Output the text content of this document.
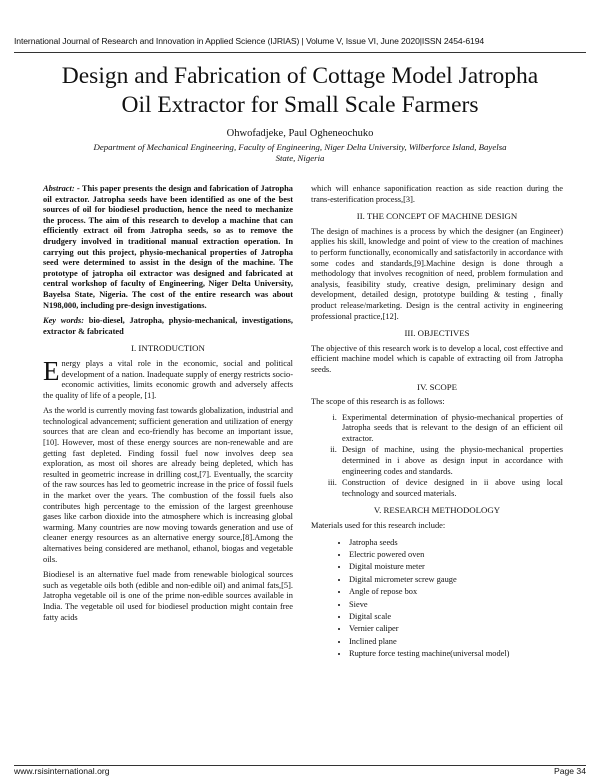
International Journal of Research and Innovation in Applied Science (IJRIAS) | Volume V, Issue VI, June 2020|ISSN 2454-6194
Design and Fabrication of Cottage Model Jatropha
Oil Extractor for Small Scale Farmers
Ohwofadjeke, Paul Ogheneochuko
Department of Mechanical Engineering, Faculty of Engineering, Niger Delta University, Wilberforce Island, Bayelsa State, Nigeria

Abstract: - This paper presents the design and fabrication of Jatropha oil extractor. Jatropha seeds have been identified as one of the best sources of oil for biodiesel production, hence the need to mechanize the process. The aim of this research to develop a machine that can efficiently extract oil from Jatropha seeds, so as to remove the drudgery involved in traditional manual extraction operation. In carrying out this project, physio-mechanical properties of Jatropha seed were determined to assist in the design of the machine. The prototype of jatropha oil extractor was designed and fabricated at central workshop of faculty of Engineering, Niger Delta University, Bayelsa State, Nigeria. The cost of the entire research was about N198,000, including pre-design investigations.

Key words: bio-diesel, Jatropha, physio-mechanical, investigations, extractor & fabricated

I. INTRODUCTION

Energy plays a vital role in the economic, social and political development of a nation. Inadequate supply of energy restricts socio-economic activities, limits economic growth and adversely affects the quality of life of a people, [1].

As the world is currently moving fast towards globalization, industrial and technological advancement; sufficient generation and utilization of energy sources that are clean and eco-friendly has become an important issue,[10]. However, most of these energy sources are non-renewable and are getting fast depleted. Finding fossil fuel now involves deep sea exploration, as most oil shores are already being depleted, which has resulted in geometric increase in drilling cost,[7]. Eventually, the scarcity of the raw sources has led to geometric increase in the price of fossil fuels in the market over the years. The combustion of the fossil fuels also contributes high percentage to the emission of the largest greenhouse gases like carbon dioxide into the atmosphere which is increasing global warming. Many countries are now moving towards generation and use of cleaner energy resources as an alternative energy source,[8].Among the alternatives being considered are methanol, ethanol, biogas and vegetable oils.

Biodiesel is an alternative fuel made from renewable biological sources such as vegetable oils both (edible and non-edible oil) and animal fats,[5]. Jatropha vegetable oil is one of the prime non-edible sources available in India. The vegetable oil used for biodiesel production might contain free fatty acids

which will enhance saponification reaction as side reaction during the trans-esterification process,[3].

II. THE CONCEPT OF MACHINE DESIGN

The design of machines is a process by which the designer (an Engineer) applies his skill, knowledge and point of view to the creation of machines to perform functionally, economically and satisfactorily in accordance with some codes and standards,[9].Machine design is done through a methodology that involves recognition of need, problem formulation and analysis, feasibility study, creative design, preliminary design and development, detailed design, prototype building & testing , finally product release/marketing. Design is the central activity in engineering professional practice,[12].

III. OBJECTIVES

The objective of this research work is to develop a local, cost effective and efficient machine model which is capable of extracting oil from Jatropha seeds.

IV. SCOPE

The scope of this research is as follows:

i. Experimental determination of physio-mechanical properties of Jatropha seeds that is relevant to the design of an efficient oil extractor.
ii. Design of machine, using the physio-mechanical properties determined in i above as design input in accordance with engineering codes and standards.
iii. Construction of device designed in ii above using local technology and sourced materials.
V. RESEARCH METHODOLOGY

Materials used for this research include:

• Jatropha seeds
• Electric powered oven
• Digital moisture meter
• Digital micrometer screw gauge
• Angle of repose box
• Sieve
• Digital scale
• Vernier caliper
• Inclined plane
• Rupture force testing machine(universal model)
www.rsisinternational.org	Page 34
